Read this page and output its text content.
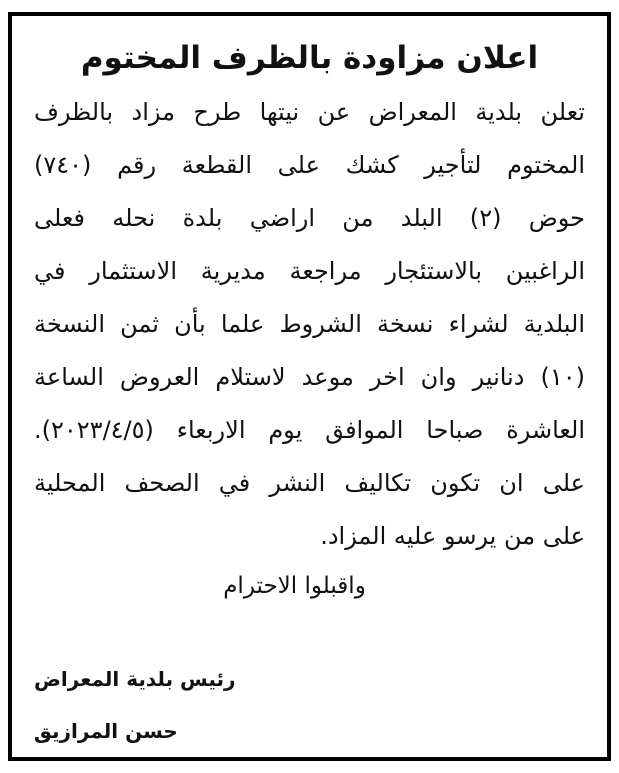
اعلان مزاودة بالظرف المختوم
تعلن بلدية المعراض عن نيتها طرح مزاد بالظرف
المختوم لتأجير كشك على القطعة رقم (٧٤٠)
حوض (٢) البلد من اراضي بلدة نحله فعلى
الراغبين بالاستئجار مراجعة مديرية الاستثمار في
البلدية لشراء نسخة الشروط علما بأن ثمن النسخة
(١٠) دنانير وان اخر موعد لاستلام العروض الساعة
العاشرة صباحا الموافق يوم الاربعاء (٢٠٢٣/٤/٥).
على ان تكون تكاليف النشر في الصحف المحلية
على من يرسو عليه المزاد.
واقبلوا الاحترام
رئيس بلدية المعراض
حسن المرازيق
